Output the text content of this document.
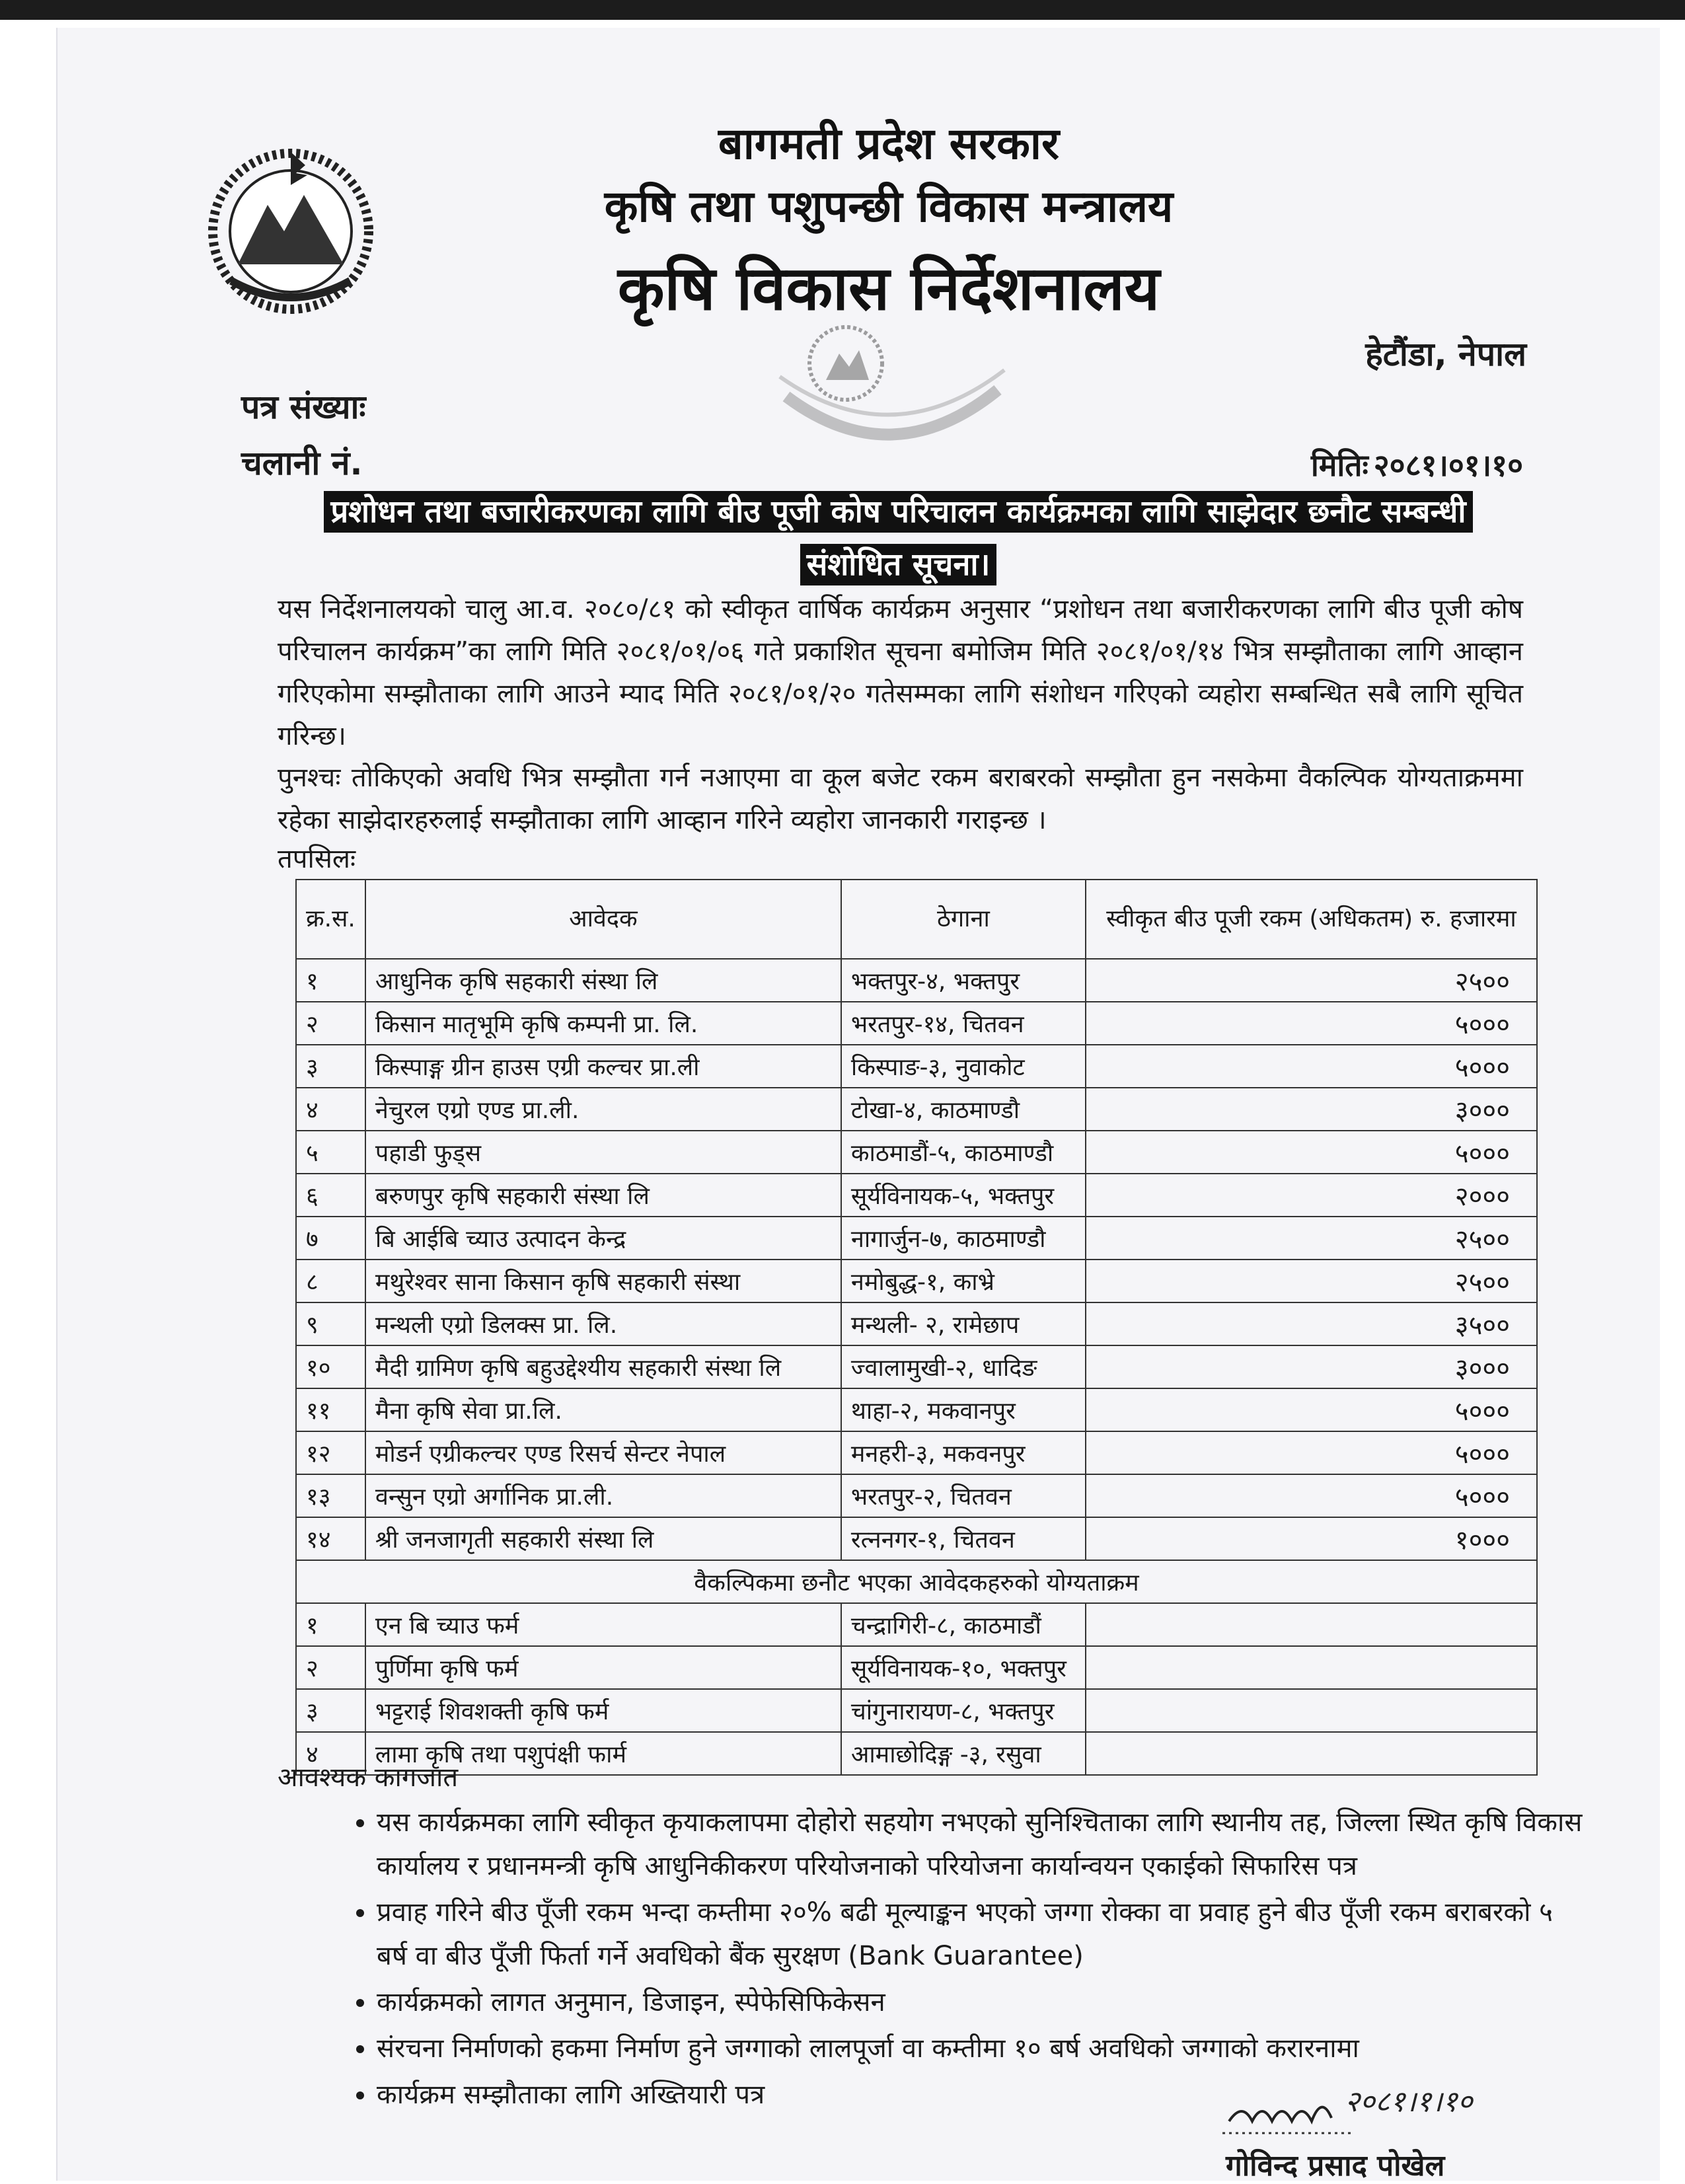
बागमती प्रदेश सरकार
कृषि तथा पशुपन्छी विकास मन्त्रालय
कृषि विकास निर्देशनालय
हेटौंडा, नेपाल
पत्र संख्याः
चलानी नं.	मितिः २०८१।०१।१०
प्रशोधन तथा बजारीकरणका लागि बीउ पूजी कोष परिचालन कार्यक्रमका लागि साझेदार छनौट सम्बन्धी संशोधित सूचना।
यस निर्देशनालयको चालु आ.व. २०८०/८१ को स्वीकृत वार्षिक कार्यक्रम अनुसार “प्रशोधन तथा बजारीकरणका लागि बीउ पूजी कोष परिचालन कार्यक्रम”का लागि मिति २०८१/०१/०६ गते प्रकाशित सूचना बमोजिम मिति २०८१/०१/१४ भित्र सम्झौताका लागि आव्हान गरिएकोमा सम्झौताका लागि आउने म्याद मिति २०८१/०१/२० गतेसम्मका लागि संशोधन गरिएको व्यहोरा सम्बन्धित सबै लागि सूचित गरिन्छ।
पुनश्चः तोकिएको अवधि भित्र सम्झौता गर्न नआएमा वा कूल बजेट रकम बराबरको सम्झौता हुन नसकेमा वैकल्पिक योग्यताक्रममा रहेका साझेदारहरुलाई सम्झौताका लागि आव्हान गरिने व्यहोरा जानकारी गराइन्छ ।
तपसिलः
क्र.स.	आवेदक	ठेगाना	स्वीकृत बीउ पूजी रकम (अधिकतम) रु. हजारमा
१	आधुनिक कृषि सहकारी संस्था लि	भक्तपुर-४, भक्तपुर	२५००
२	किसान मातृभूमि कृषि कम्पनी प्रा. लि.	भरतपुर-१४, चितवन	५०००
३	किस्पाङ्ग ग्रीन हाउस एग्री कल्चर प्रा.ली	किस्पाङ-३, नुवाकोट	५०००
४	नेचुरल एग्रो एण्ड प्रा.ली.	टोखा-४, काठमाण्डौ	३०००
५	पहाडी फुड्स	काठमाडौं-५, काठमाण्डौ	५०००
६	बरुणपुर कृषि सहकारी संस्था लि	सूर्यविनायक-५, भक्तपुर	२०००
७	बि आईबि च्याउ उत्पादन केन्द्र	नागार्जुन-७, काठमाण्डौ	२५००
८	मथुरेश्वर साना किसान कृषि सहकारी संस्था	नमोबुद्ध-१, काभ्रे	२५००
९	मन्थली एग्रो डिलक्स प्रा. लि.	मन्थली- २, रामेछाप	३५००
१०	मैदी ग्रामिण कृषि बहुउद्देश्यीय सहकारी संस्था लि	ज्वालामुखी-२, धादिङ	३०००
११	मैना कृषि सेवा प्रा.लि.	थाहा-२, मकवानपुर	५०००
१२	मोडर्न एग्रीकल्चर एण्ड रिसर्च सेन्टर नेपाल	मनहरी-३, मकवनपुर	५०००
१३	वन्सुन एग्रो अर्गानिक प्रा.ली.	भरतपुर-२, चितवन	५०००
१४	श्री जनजागृती सहकारी संस्था लि	रत्ननगर-१, चितवन	१०००
वैकल्पिकमा छनौट भएका आवेदकहरुको योग्यताक्रम			
१	एन बि च्याउ फर्म	चन्द्रागिरी-८, काठमाडौं	
२	पुर्णिमा कृषि फर्म	सूर्यविनायक-१०, भक्तपुर	
३	भट्टराई शिवशक्ती कृषि फर्म	चांगुनारायण-८, भक्तपुर	
४	लामा कृषि तथा पशुपंक्षी फार्म	आमाछोदिङ्ग -३, रसुवा	
आवश्यक कागजात
• यस कार्यक्रमका लागि स्वीकृत कृयाकलापमा दोहोरो सहयोग नभएको सुनिश्चिताका लागि स्थानीय तह, जिल्ला स्थित कृषि विकास कार्यालय र प्रधानमन्त्री कृषि आधुनिकीकरण परियोजनाको परियोजना कार्यान्वयन एकाईको सिफारिस पत्र
• प्रवाह गरिने बीउ पूँजी रकम भन्दा कम्तीमा २०% बढी मूल्याङ्कन भएको जग्गा रोक्का वा प्रवाह हुने बीउ पूँजी रकम बराबरको ५ बर्ष वा बीउ पूँजी फिर्ता गर्ने अवधिको बैंक सुरक्षण (Bank Guarantee)
• कार्यक्रमको लागत अनुमान, डिजाइन, स्पेफेसिफिकेसन
• संरचना निर्माणको हकमा निर्माण हुने जग्गाको लालपूर्जा वा कम्तीमा १० बर्ष अवधिको जग्गाको करारनामा
• कार्यक्रम सम्झौताका लागि अख्तियारी पत्र	२०८१।१।१०
गोविन्द प्रसाद पोखेल
